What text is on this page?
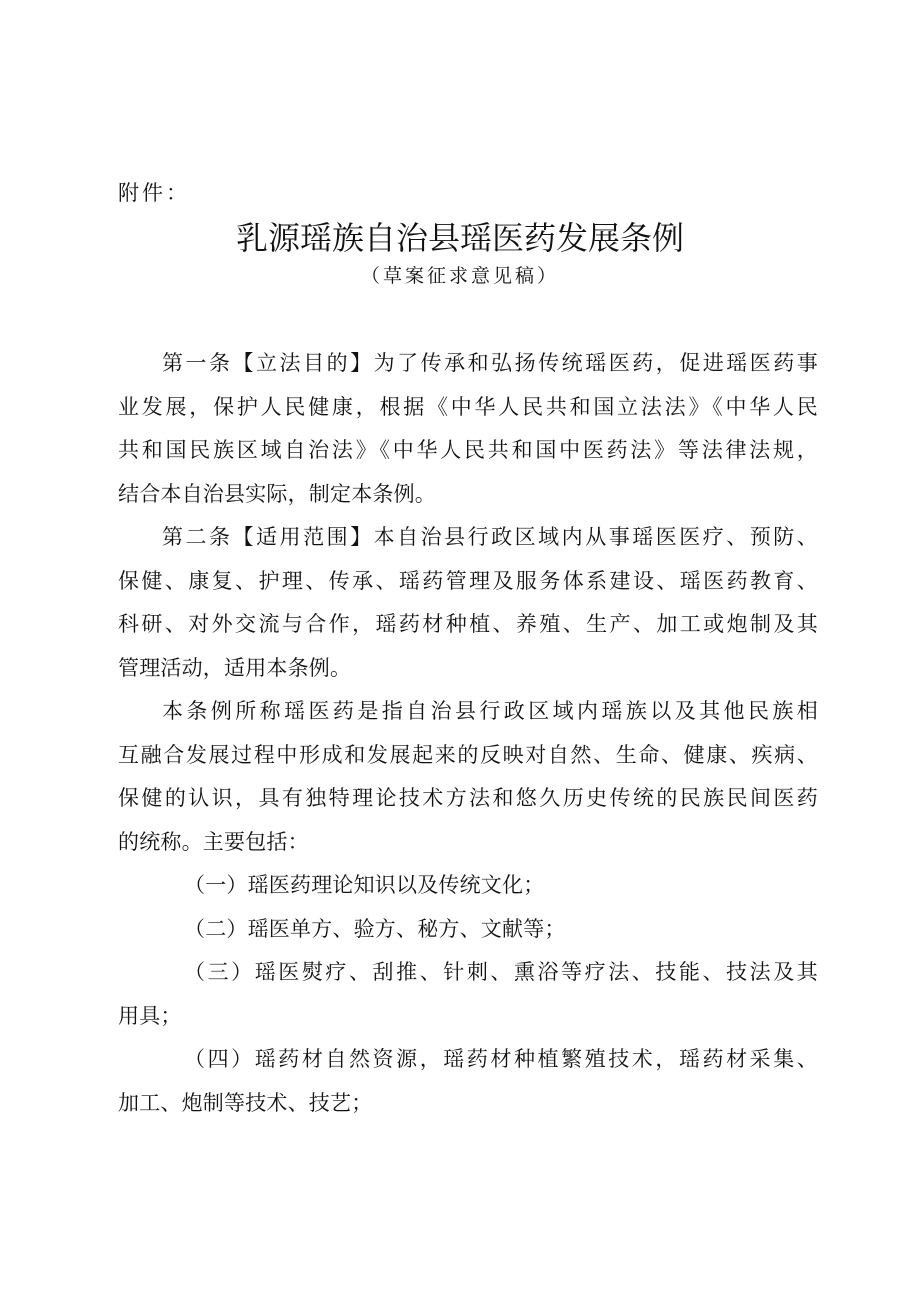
附件：
乳源瑶族自治县瑶医药发展条例
（草案征求意见稿）
第一条【立法目的】为了传承和弘扬传统瑶医药，促进瑶医药事
业发展，保护人民健康，根据《中华人民共和国立法法》《中华人民
共和国民族区域自治法》《中华人民共和国中医药法》等法律法规，
结合本自治县实际，制定本条例。
第二条【适用范围】本自治县行政区域内从事瑶医医疗、预防、
保健、康复、护理、传承、瑶药管理及服务体系建设、瑶医药教育、
科研、对外交流与合作，瑶药材种植、养殖、生产、加工或炮制及其
管理活动，适用本条例。
本条例所称瑶医药是指自治县行政区域内瑶族以及其他民族相
互融合发展过程中形成和发展起来的反映对自然、生命、健康、疾病、
保健的认识，具有独特理论技术方法和悠久历史传统的民族民间医药
的统称。主要包括：
（一）瑶医药理论知识以及传统文化；
（二）瑶医单方、验方、秘方、文献等；
（三）瑶医熨疗、刮推、针刺、熏浴等疗法、技能、技法及其
用具；
（四）瑶药材自然资源，瑶药材种植繁殖技术，瑶药材采集、
加工、炮制等技术、技艺；
